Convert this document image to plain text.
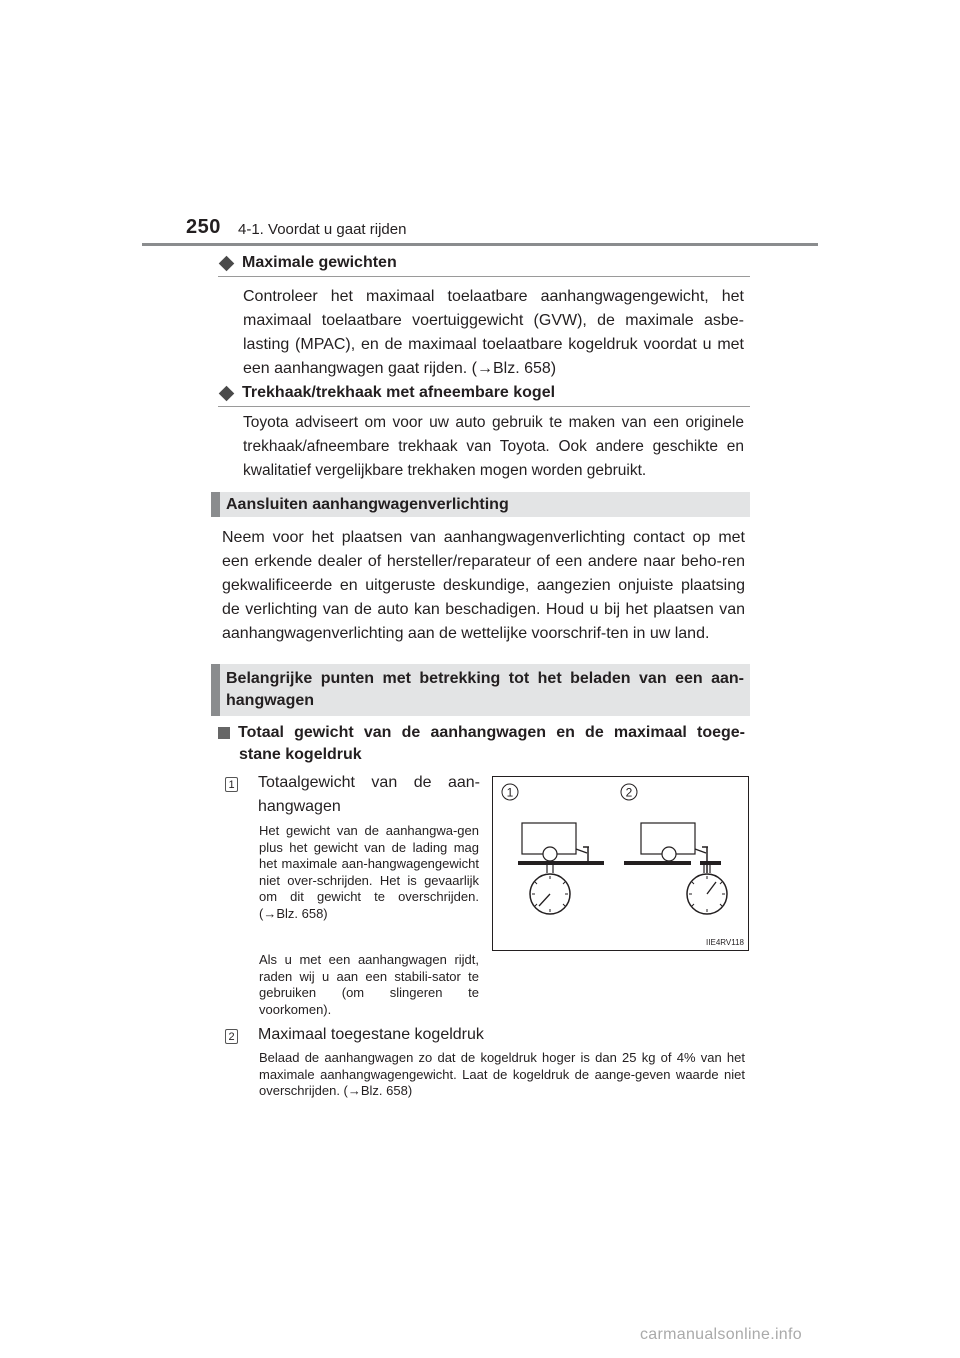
250 4-1. Voordat u gaat rijden
Maximale gewichten

Controleer het maximaal toelaatbare aanhangwagengewicht, het maximaal toelaatbare voertuiggewicht (GVW), de maximale asbe-lasting (MPAC), en de maximaal toelaatbare kogeldruk voordat u met een aanhangwagen gaat rijden. (→Blz. 658)

Trekhaak/trekhaak met afneembare kogel

Toyota adviseert om voor uw auto gebruik te maken van een originele trekhaak/afneembare trekhaak van Toyota. Ook andere geschikte en kwalitatief vergelijkbare trekhaken mogen worden gebruikt.

Aansluiten aanhangwagenverlichting

Neem voor het plaatsen van aanhangwagenverlichting contact op met een erkende dealer of hersteller/reparateur of een andere naar beho-ren gekwalificeerde en uitgeruste deskundige, aangezien onjuiste plaatsing de verlichting van de auto kan beschadigen. Houd u bij het plaatsen van aanhangwagenverlichting aan de wettelijke voorschrif-ten in uw land.

Belangrijke punten met betrekking tot het beladen van een aan-
hangwagen
Totaal gewicht van de aanhangwagen en de maximaal toege-
stane kogeldruk
1 Totaalgewicht van de aan-
hangwagen

Het gewicht van de aanhangwa-gen plus het gewicht van de lading mag het maximale aan-hangwagengewicht niet over-schrijden. Het is gevaarlijk om dit gewicht te overschrijden. (→Blz. 658)

Als u met een aanhangwagen rijdt, raden wij u aan een stabili-sator te gebruiken (om slingeren te voorkomen).

1	2
IIE4RV118
2 Maximaal toegestane kogeldruk

Belaad de aanhangwagen zo dat de kogeldruk hoger is dan 25 kg of 4% van het maximale aanhangwagengewicht. Laat de kogeldruk de aange-geven waarde niet overschrijden. (→Blz. 658)

carmanualsonline.info
